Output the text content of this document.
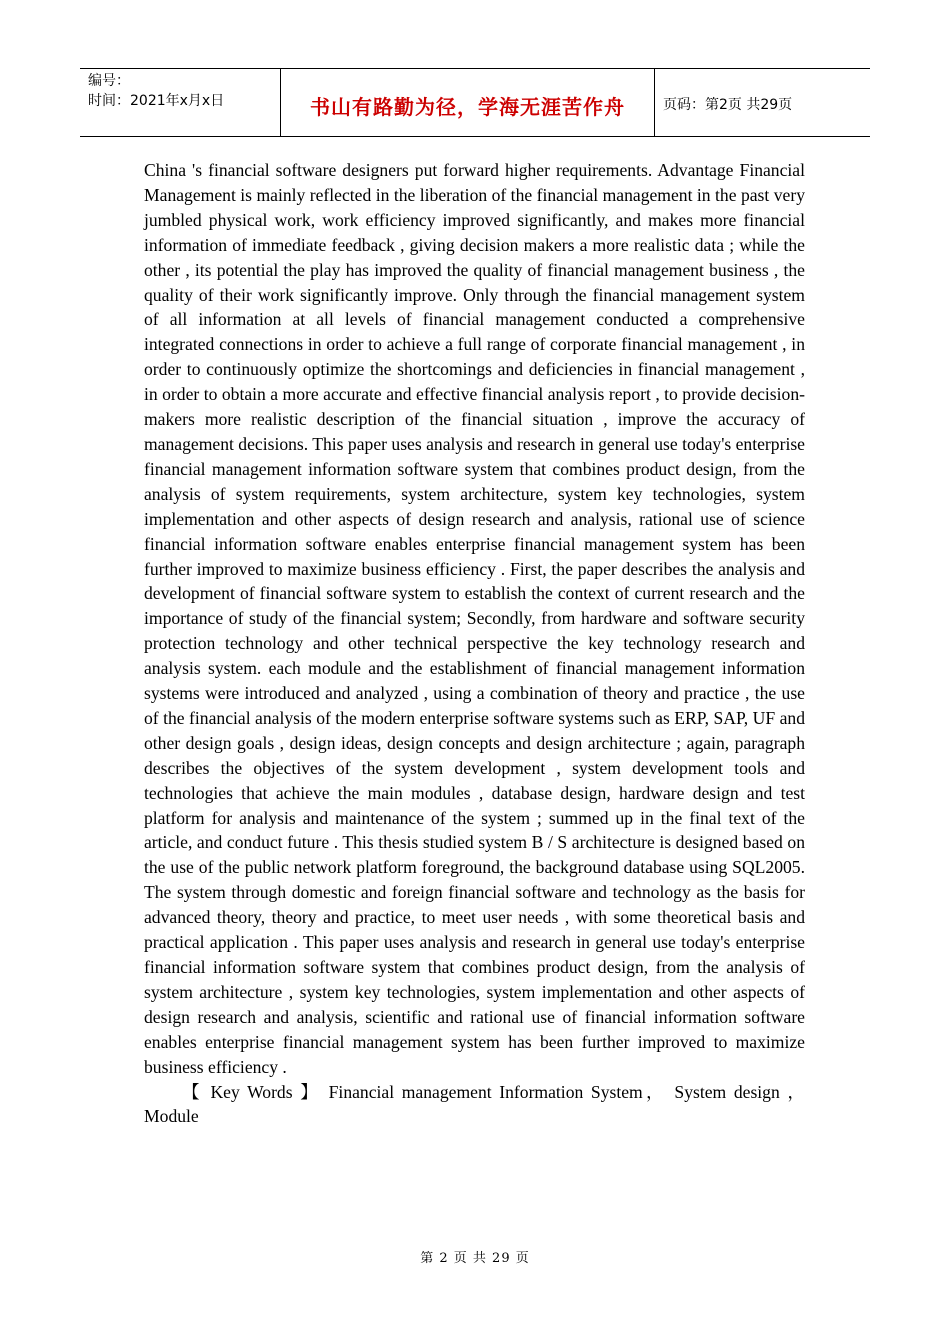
编号：
时间：2021年x月x日	书山有路勤为径，学海无涯苦作舟	页码：第2页 共29页

China 's financial software designers put forward higher requirements. Advantage Financial Management is mainly reflected in the liberation of the financial management in the past very jumbled physical work, work efficiency improved significantly, and makes more financial information of immediate feedback , giving decision makers a more realistic data ; while the other , its potential the play has improved the quality of financial management business , the quality of their work significantly improve. Only through the financial management system of all information at all levels of financial management conducted a comprehensive integrated connections in order to achieve a full range of corporate financial management , in order to continuously optimize the shortcomings and deficiencies in financial management , in order to obtain a more accurate and effective financial analysis report , to provide decision-makers more realistic description of the financial situation , improve the accuracy of management decisions. This paper uses analysis and research in general use today's enterprise financial management information software system that combines product design, from the analysis of system requirements, system architecture, system key technologies, system implementation and other aspects of design research and analysis, rational use of science financial information software enables enterprise financial management system has been further improved to maximize business efficiency . First, the paper describes the analysis and development of financial software system to establish the context of current research and the importance of study of the financial system; Secondly, from hardware and software security protection technology and other technical perspective the key technology research and analysis system. each module and the establishment of financial management information systems were introduced and analyzed , using a combination of theory and practice , the use of the financial analysis of the modern enterprise software systems such as ERP, SAP, UF and other design goals , design ideas, design concepts and design architecture ; again, paragraph describes the objectives of the system development , system development tools and technologies that achieve the main modules , database design, hardware design and test platform for analysis and maintenance of the system ; summed up in the final text of the article, and conduct future . This thesis studied system B / S architecture is designed based on the use of the public network platform foreground, the background database using SQL2005. The system through domestic and foreign financial software and technology as the basis for advanced theory, theory and practice, to meet user needs , with some theoretical basis and practical application . This paper uses analysis and research in general use today's enterprise financial information software system that combines product design, from the analysis of system architecture , system key technologies, system implementation and other aspects of design research and analysis, scientific and rational use of financial information software enables enterprise financial management system has been further improved to maximize business efficiency .

【 Key Words 】 Financial management Information System， System design ，Module

第 2 页 共 29 页
